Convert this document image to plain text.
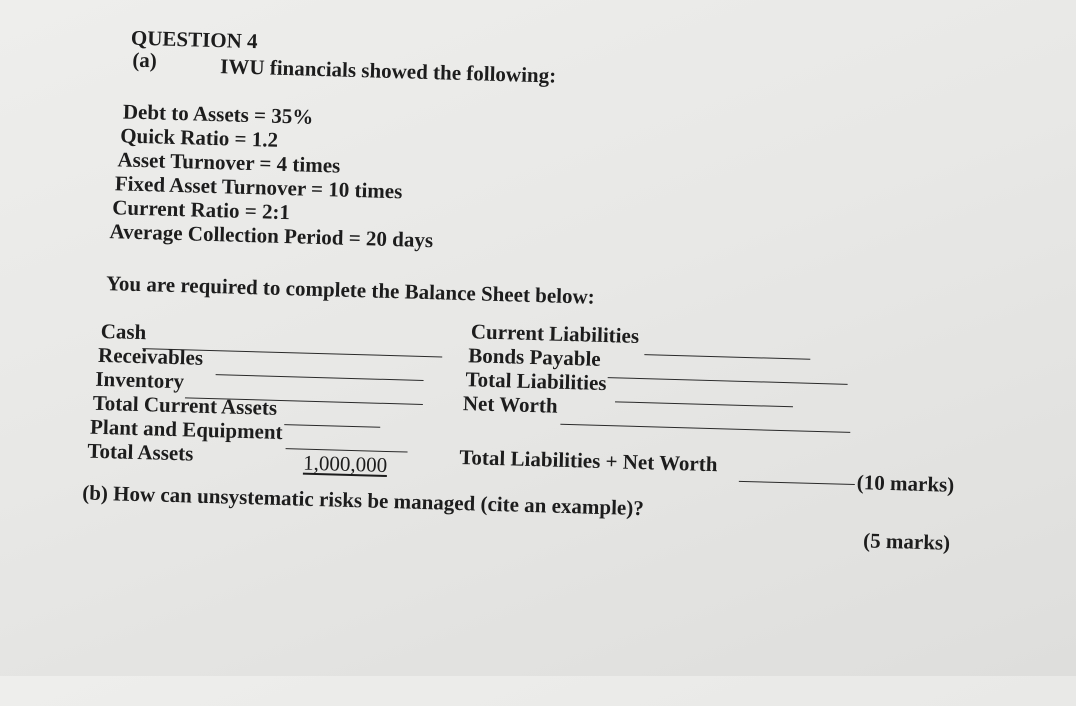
QUESTION 4
(a)	IWU financials showed the following:
Debt to Assets = 35%
Quick Ratio = 1.2
Asset Turnover = 4 times
Fixed Asset Turnover = 10 times
Current Ratio = 2:1
Average Collection Period = 20 days
You are required to complete the Balance Sheet below:
Cash
Receivables
Inventory
Total Current Assets
Plant and Equipment
Total Assets	1,000,000
Current Liabilities
Bonds Payable
Total Liabilities
Net Worth
Total Liabilities + Net Worth
(10 marks)
(b) How can unsystematic risks be managed (cite an example)?
(5 marks)
